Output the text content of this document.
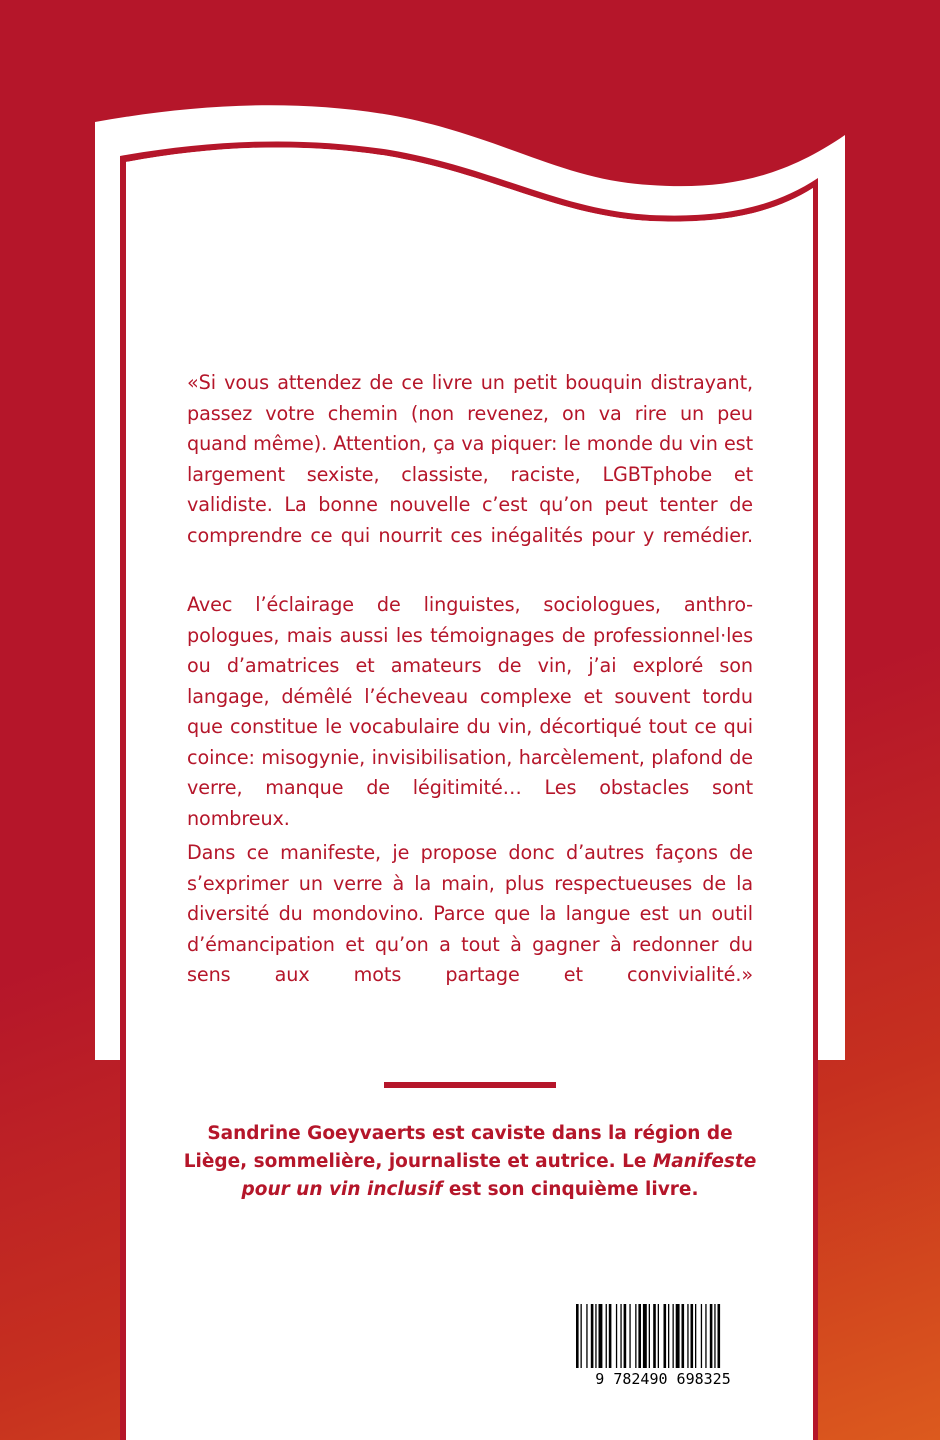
«Si vous attendez de ce livre un petit bouquin distrayant, passez votre chemin (non revenez, on va rire un peu quand même). Attention, ça va piquer: le monde du vin est largement sexiste, classiste, raciste, LGBTphobe et validiste. La bonne nouvelle c’est qu’on peut tenter de comprendre ce qui nourrit ces inégalités pour y remédier.
Avec l’éclairage de linguistes, sociologues, anthropologues, mais aussi les témoignages de professionnel·les ou d’amatrices et amateurs de vin, j’ai exploré son langage, démêlé l’écheveau complexe et souvent tordu que constitue le vocabulaire du vin, décortiqué tout ce qui coince: misogynie, invisibilisation, harcèlement, plafond de verre, manque de légitimité… Les obstacles sont nombreux.
Dans ce manifeste, je propose donc d’autres façons de s’exprimer un verre à la main, plus respectueuses de la diversité du mondovino. Parce que la langue est un outil d’émancipation et qu’on a tout à gagner à redonner du sens aux mots partage et convivialité.»

Sandrine Goeyvaerts est caviste dans la région de Liège, sommelière, journaliste et autrice. Le Manifeste pour un vin inclusif est son cinquième livre.

NOURI
TURFU
978-2-490698-32-5
9 782490 698325
10€
#Vinclusif
